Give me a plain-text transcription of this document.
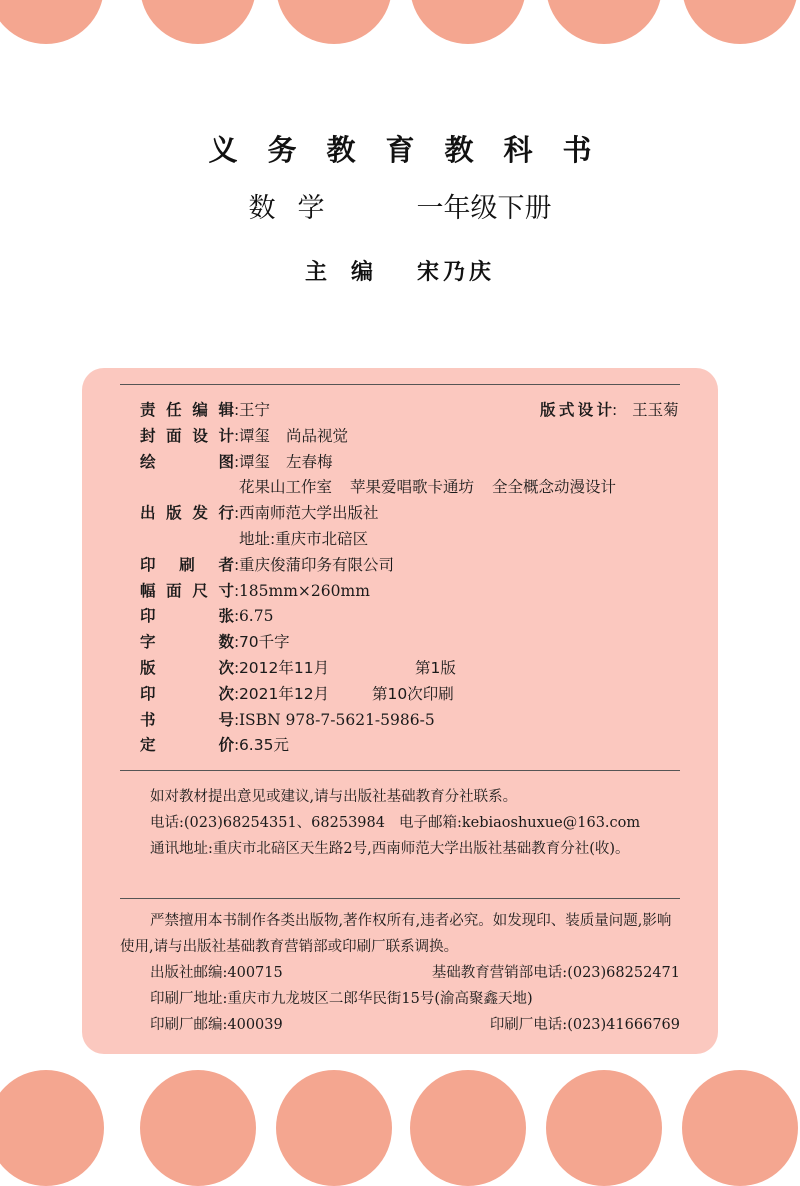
义务教育教科书
数学	一年级下册
主编 宋乃庆
责任编辑: 王宁	版式设计: 王玉菊
封面设计: 谭玺 尚品视觉
绘图: 谭玺 左春梅
花果山工作室 苹果爱唱歌卡通坊 全全概念动漫设计
出版发行: 西南师范大学出版社
地址:重庆市北碚区
印刷者: 重庆俊蒲印务有限公司
幅面尺寸: 185mm×260mm
印张: 6.75
字数: 70千字
版次: 2012年11月	第1版
印次: 2021年12月	第10次印刷
书号: ISBN 978-7-5621-5986-5
定价: 6.35元

如对教材提出意见或建议,请与出版社基础教育分社联系。

电话:(023)68254351、68253984 电子邮箱:kebiaoshuxue@163.com

通讯地址:重庆市北碚区天生路2号,西南师范大学出版社基础教育分社(收)。

严禁擅用本书制作各类出版物,著作权所有,违者必究。如发现印、装质量问题,影响使用,请与出版社基础教育营销部或印刷厂联系调换。

出版社邮编:400715	基础教育营销部电话:(023)68252471

印刷厂地址:重庆市九龙坡区二郎华民街15号(渝高聚鑫天地)

印刷厂邮编:400039	印刷厂电话:(023)41666769
